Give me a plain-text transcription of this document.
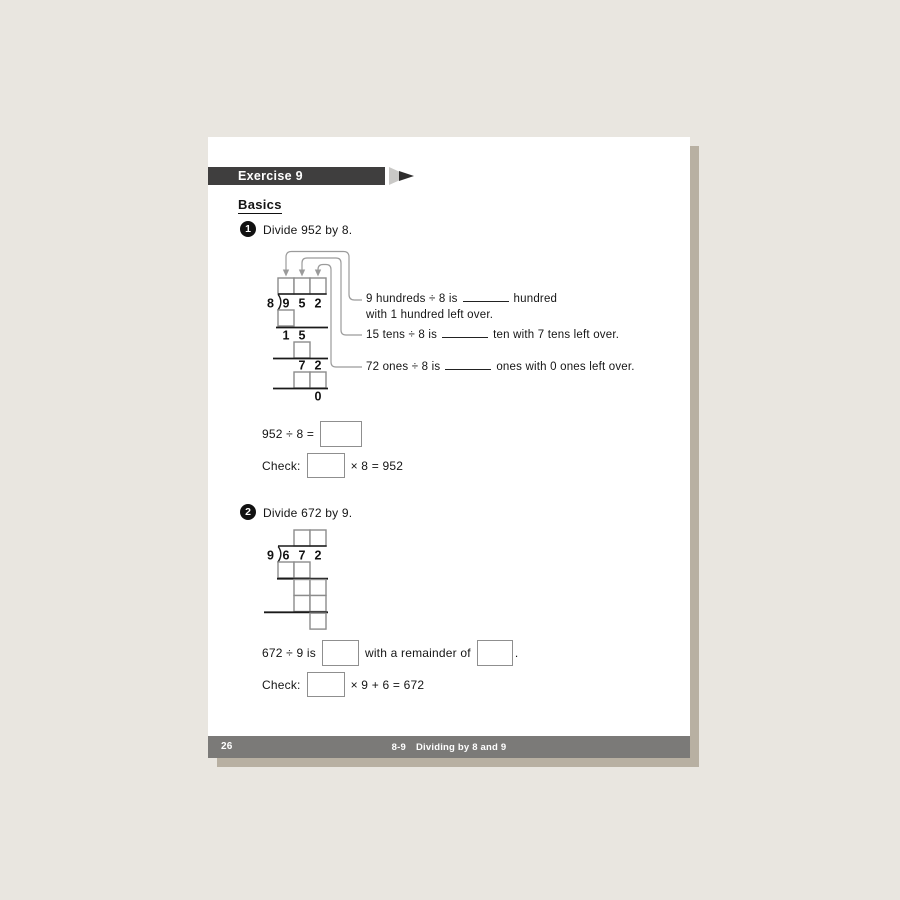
Exercise 9
Basics
1 Divide 952 by 8.
8 9 5 2
1 5
7 2
0
9 hundreds ÷ 8 is	hundred
with 1 hundred left over.
15 tens ÷ 8 is	ten with 7 tens left over.
72 ones ÷ 8 is	ones with 0 ones left over.
952 ÷ 8 =
Check:	× 8 = 952
2 Divide 672 by 9.
9 6 7 2
672 ÷ 9 is	with a remainder of	.
Check:	× 9 + 6 = 672
26	8-9 Dividing by 8 and 9
